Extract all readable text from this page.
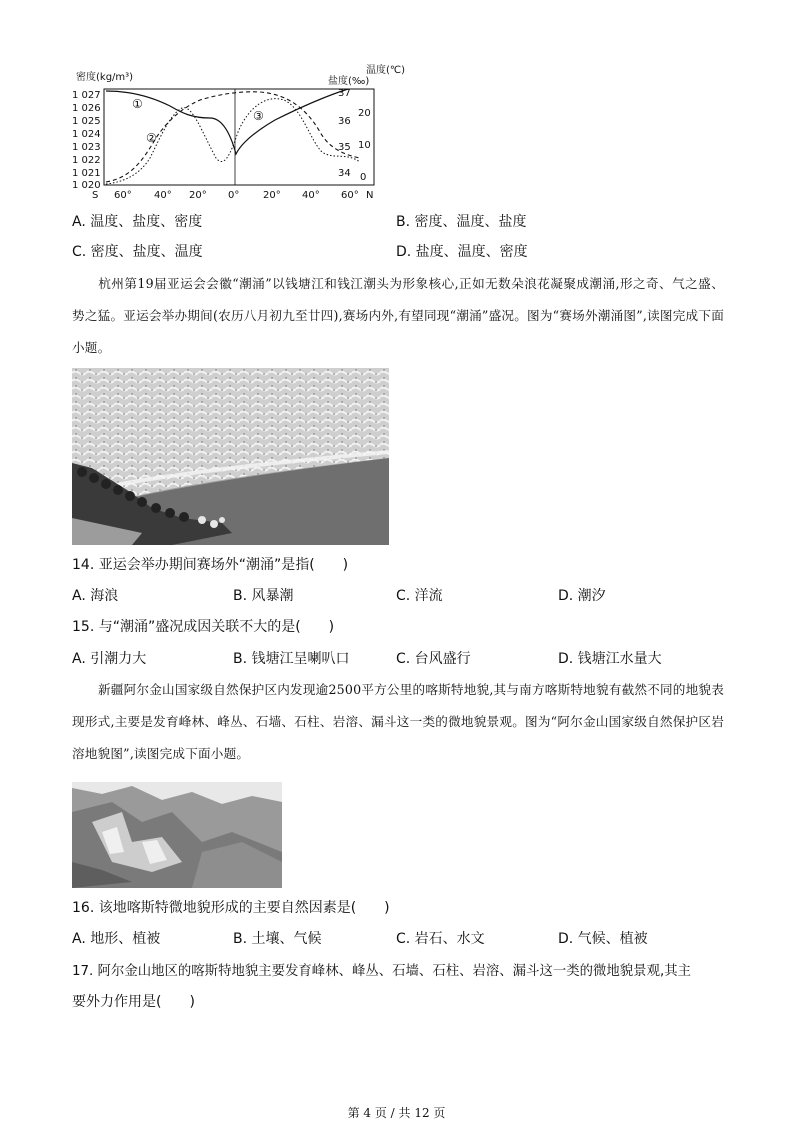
密度(kg/m³)	盐度(‰)
温度(℃)
1 027
1 026
1 025
1 024
1 023
1 022
1 021
1 020
37
36
35
34
20
10
0
S 60° 40° 20° 0° 20° 40° 60° N
①
②
③
A. 温度、盐度、密度	B. 密度、温度、盐度
C. 密度、盐度、温度	D. 盐度、温度、密度
杭州第19届亚运会会徽“潮涌”以钱塘江和钱江潮头为形象核心,正如无数朵浪花凝聚成潮涌,形之奇、气之盛、势之猛。亚运会举办期间(农历八月初九至廿四),赛场内外,有望同现“潮涌”盛况。图为“赛场外潮涌图”,读图完成下面小题。
14. 亚运会举办期间赛场外“潮涌”是指(　　)
A. 海浪	B. 风暴潮	C. 洋流	D. 潮汐
15. 与“潮涌”盛况成因关联不大的是(　　)
A. 引潮力大	B. 钱塘江呈喇叭口	C. 台风盛行	D. 钱塘江水量大
新疆阿尔金山国家级自然保护区内发现逾2500平方公里的喀斯特地貌,其与南方喀斯特地貌有截然不同的地貌表现形式,主要是发育峰林、峰丛、石墙、石柱、岩溶、漏斗这一类的微地貌景观。图为“阿尔金山国家级自然保护区岩溶地貌图”,读图完成下面小题。
16. 该地喀斯特微地貌形成的主要自然因素是(　　)
A. 地形、植被	B. 土壤、气候	C. 岩石、水文	D. 气候、植被
17. 阿尔金山地区的喀斯特地貌主要发育峰林、峰丛、石墙、石柱、岩溶、漏斗这一类的微地貌景观,其主
要外力作用是(　　)
第 4 页 / 共 12 页
